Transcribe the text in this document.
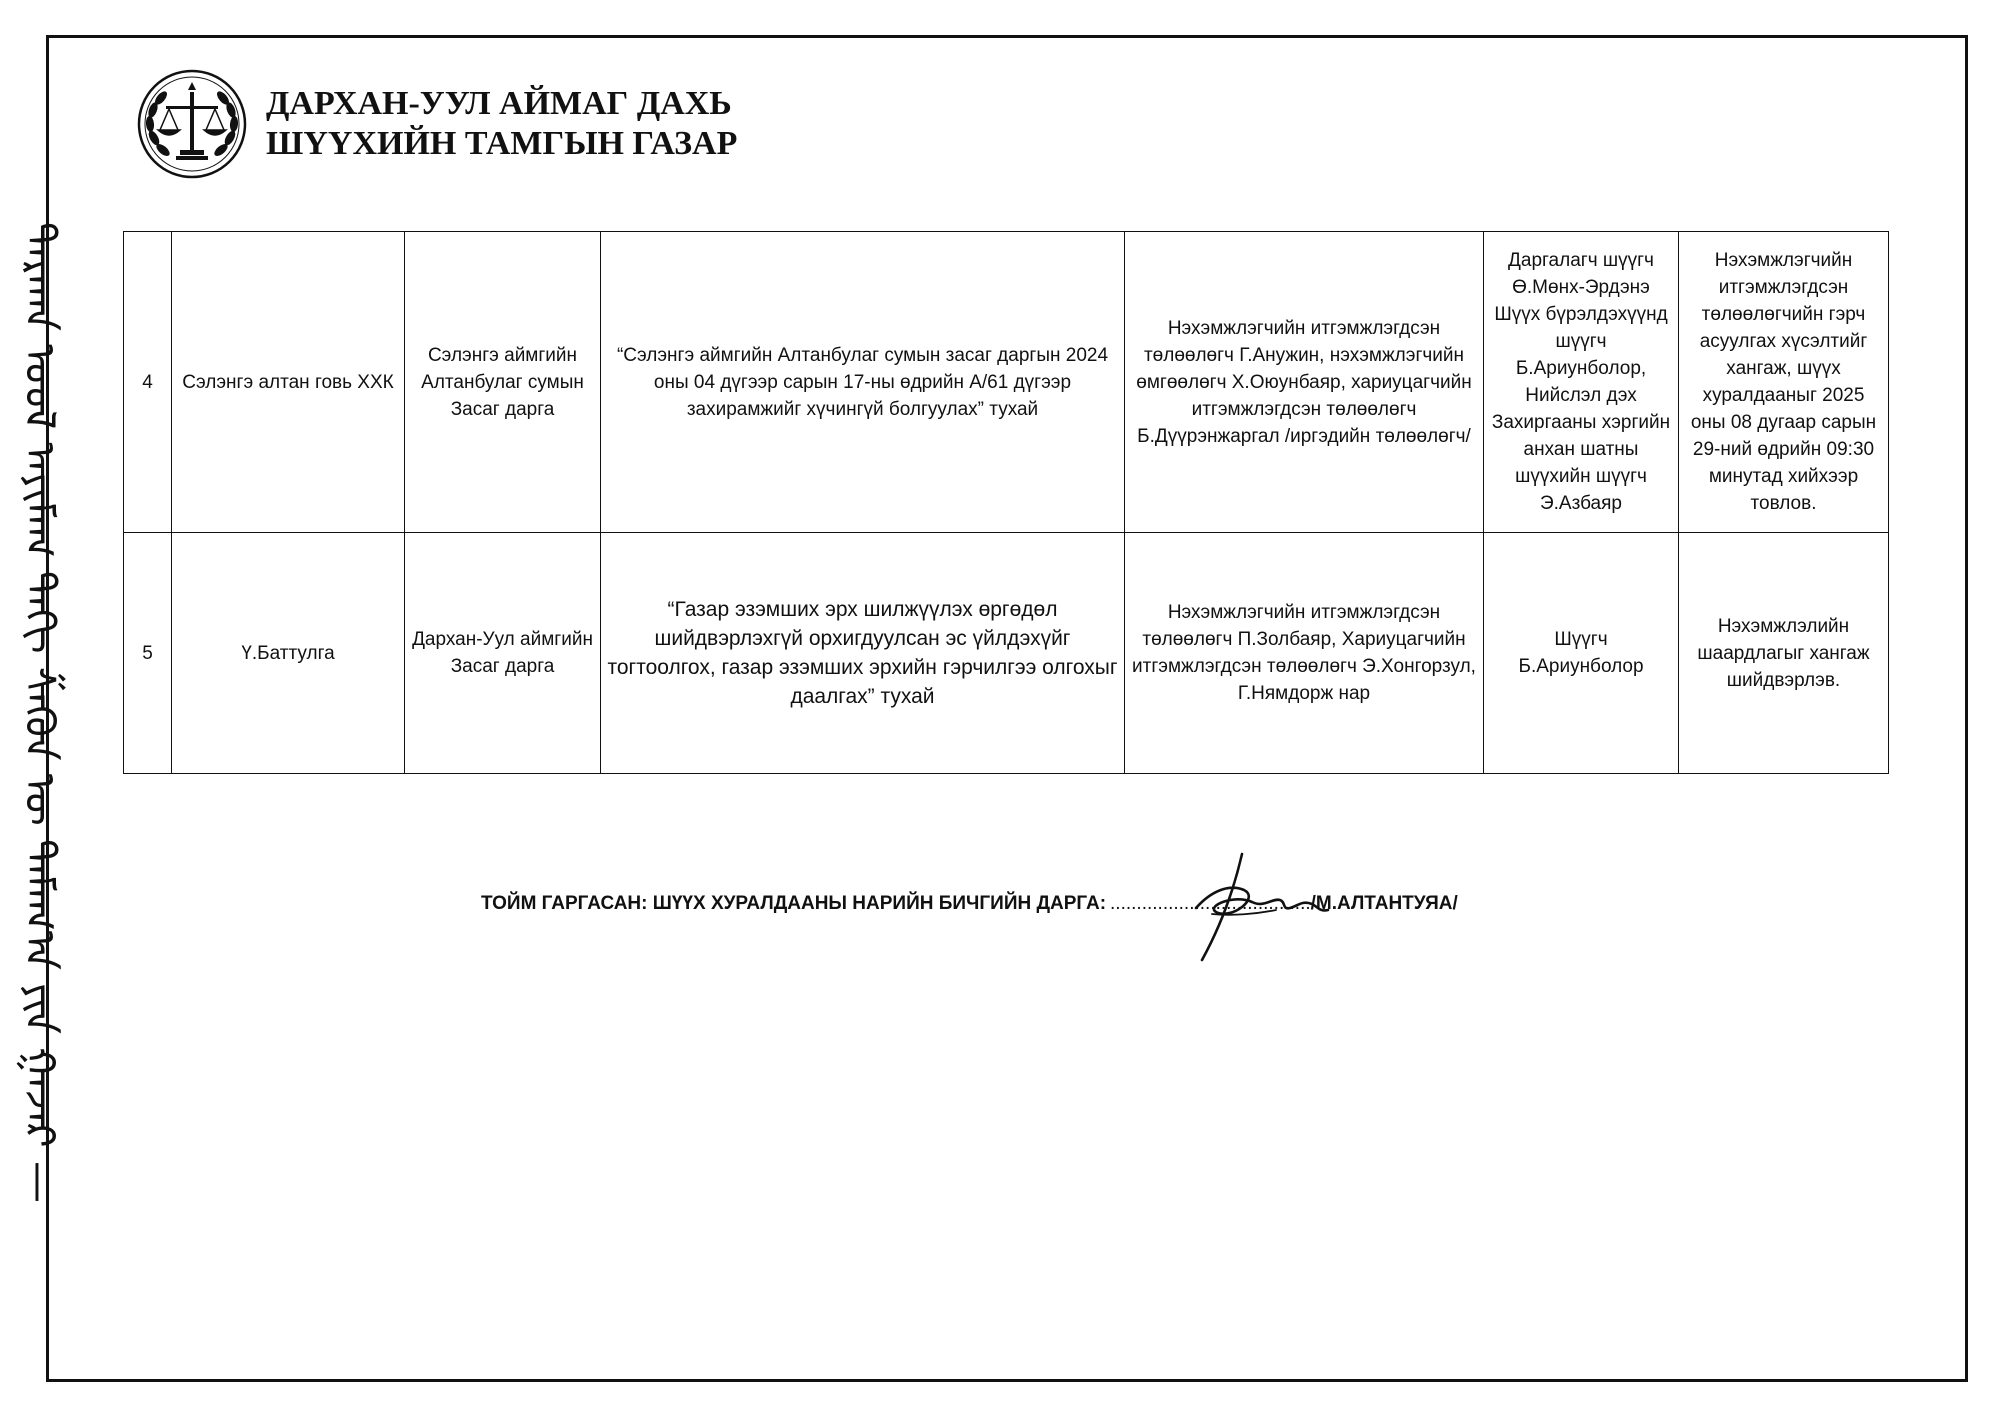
ᠳᠠᠷᠬᠠᠨ ᠤᠤᠯ ᠠᠶᠢᠮᠠᠭ ᠲᠠᠬᠢ ᠱᠡᠬᠦᠨ ᠦ ᠲᠠᠮᠠᠭ᠎ᠠ ᠶᠢᠨ ᠭᠠᠵᠠᠷ —
ДАРХАН-УУЛ АЙМАГ ДАХЬ
ШҮҮХИЙН ТАМГЫН ГАЗАР
4	Сэлэнгэ алтан говь ХХК	Сэлэнгэ аймгийн Алтанбулаг сумын Засаг дарга	“Сэлэнгэ аймгийн Алтанбулаг сумын засаг даргын 2024 оны 04 дүгээр сарын 17-ны өдрийн А/61 дүгээр захирамжийг хүчингүй болгуулах” тухай	Нэхэмжлэгчийн итгэмжлэгдсэн төлөөлөгч Г.Анужин, нэхэмжлэгчийн өмгөөлөгч Х.Оюунбаяр, хариуцагчийн итгэмжлэгдсэн төлөөлөгч Б.Дүүрэнжаргал /иргэдийн төлөөлөгч/	Даргалагч шүүгч Ө.Мөнх-Эрдэнэ Шүүх бүрэлдэхүүнд шүүгч Б.Ариунболор, Нийслэл дэх Захиргааны хэргийн анхан шатны шүүхийн шүүгч Э.Азбаяр	Нэхэмжлэгчийн итгэмжлэгдсэн төлөөлөгчийн гэрч асуулгах хүсэлтийг хангаж, шүүх хуралдааныг 2025 оны 08 дугаар сарын 29-ний өдрийн 09:30 минутад хийхээр товлов.
5	Ү.Баттулга	Дархан-Уул аймгийн Засаг дарга	“Газар эзэмших эрх шилжүүлэх өргөдөл шийдвэрлэхгүй орхигдуулсан эс үйлдэхүйг тогтоолгох, газар эзэмших эрхийн гэрчилгээ олгохыг даалгах” тухай	Нэхэмжлэгчийн итгэмжлэгдсэн төлөөлөгч П.Золбаяр, Хариуцагчийн итгэмжлэгдсэн төлөөлөгч Э.Хонгорзул, Г.Нямдорж нар	Шүүгч Б.Ариунболор	Нэхэмжлэлийн шаардлагыг хангаж шийдвэрлэв.
ТОЙМ ГАРГАСАН: ШҮҮХ ХУРАЛДААНЫ НАРИЙН БИЧГИЙН ДАРГА: ...................................... /М.АЛТАНТУЯА/
